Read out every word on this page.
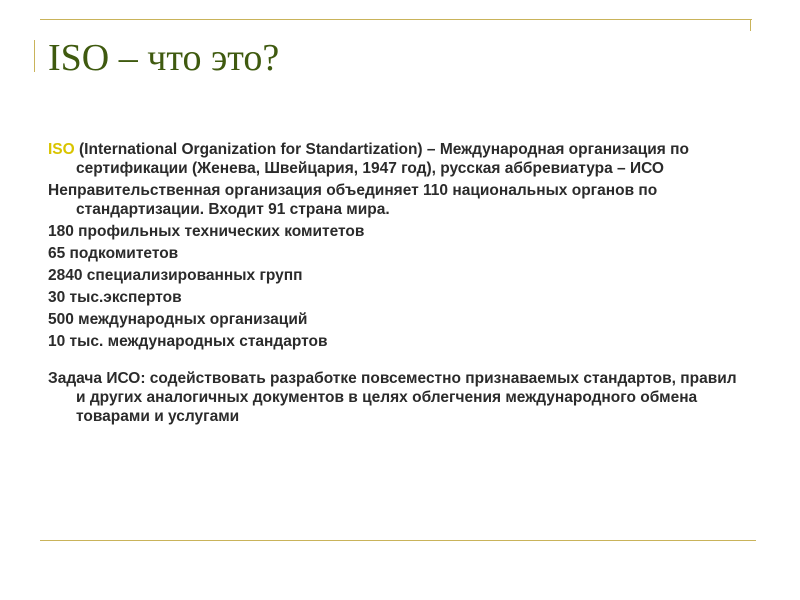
ISO – что это?

ISO (International Organization for Standartization) – Международная организация по сертификации (Женева, Швейцария, 1947 год), русская аббревиатура – ИСО

Неправительственная организация объединяет 110 национальных органов по стандартизации. Входит 91 страна мира.

180 профильных технических комитетов

65 подкомитетов

2840 специализированных групп

30 тыс.экспертов

500 международных организаций

10 тыс. международных стандартов

Задача ИСО: содействовать разработке повсеместно признаваемых стандартов, правил и других аналогичных документов в целях облегчения международного обмена товарами и услугами
